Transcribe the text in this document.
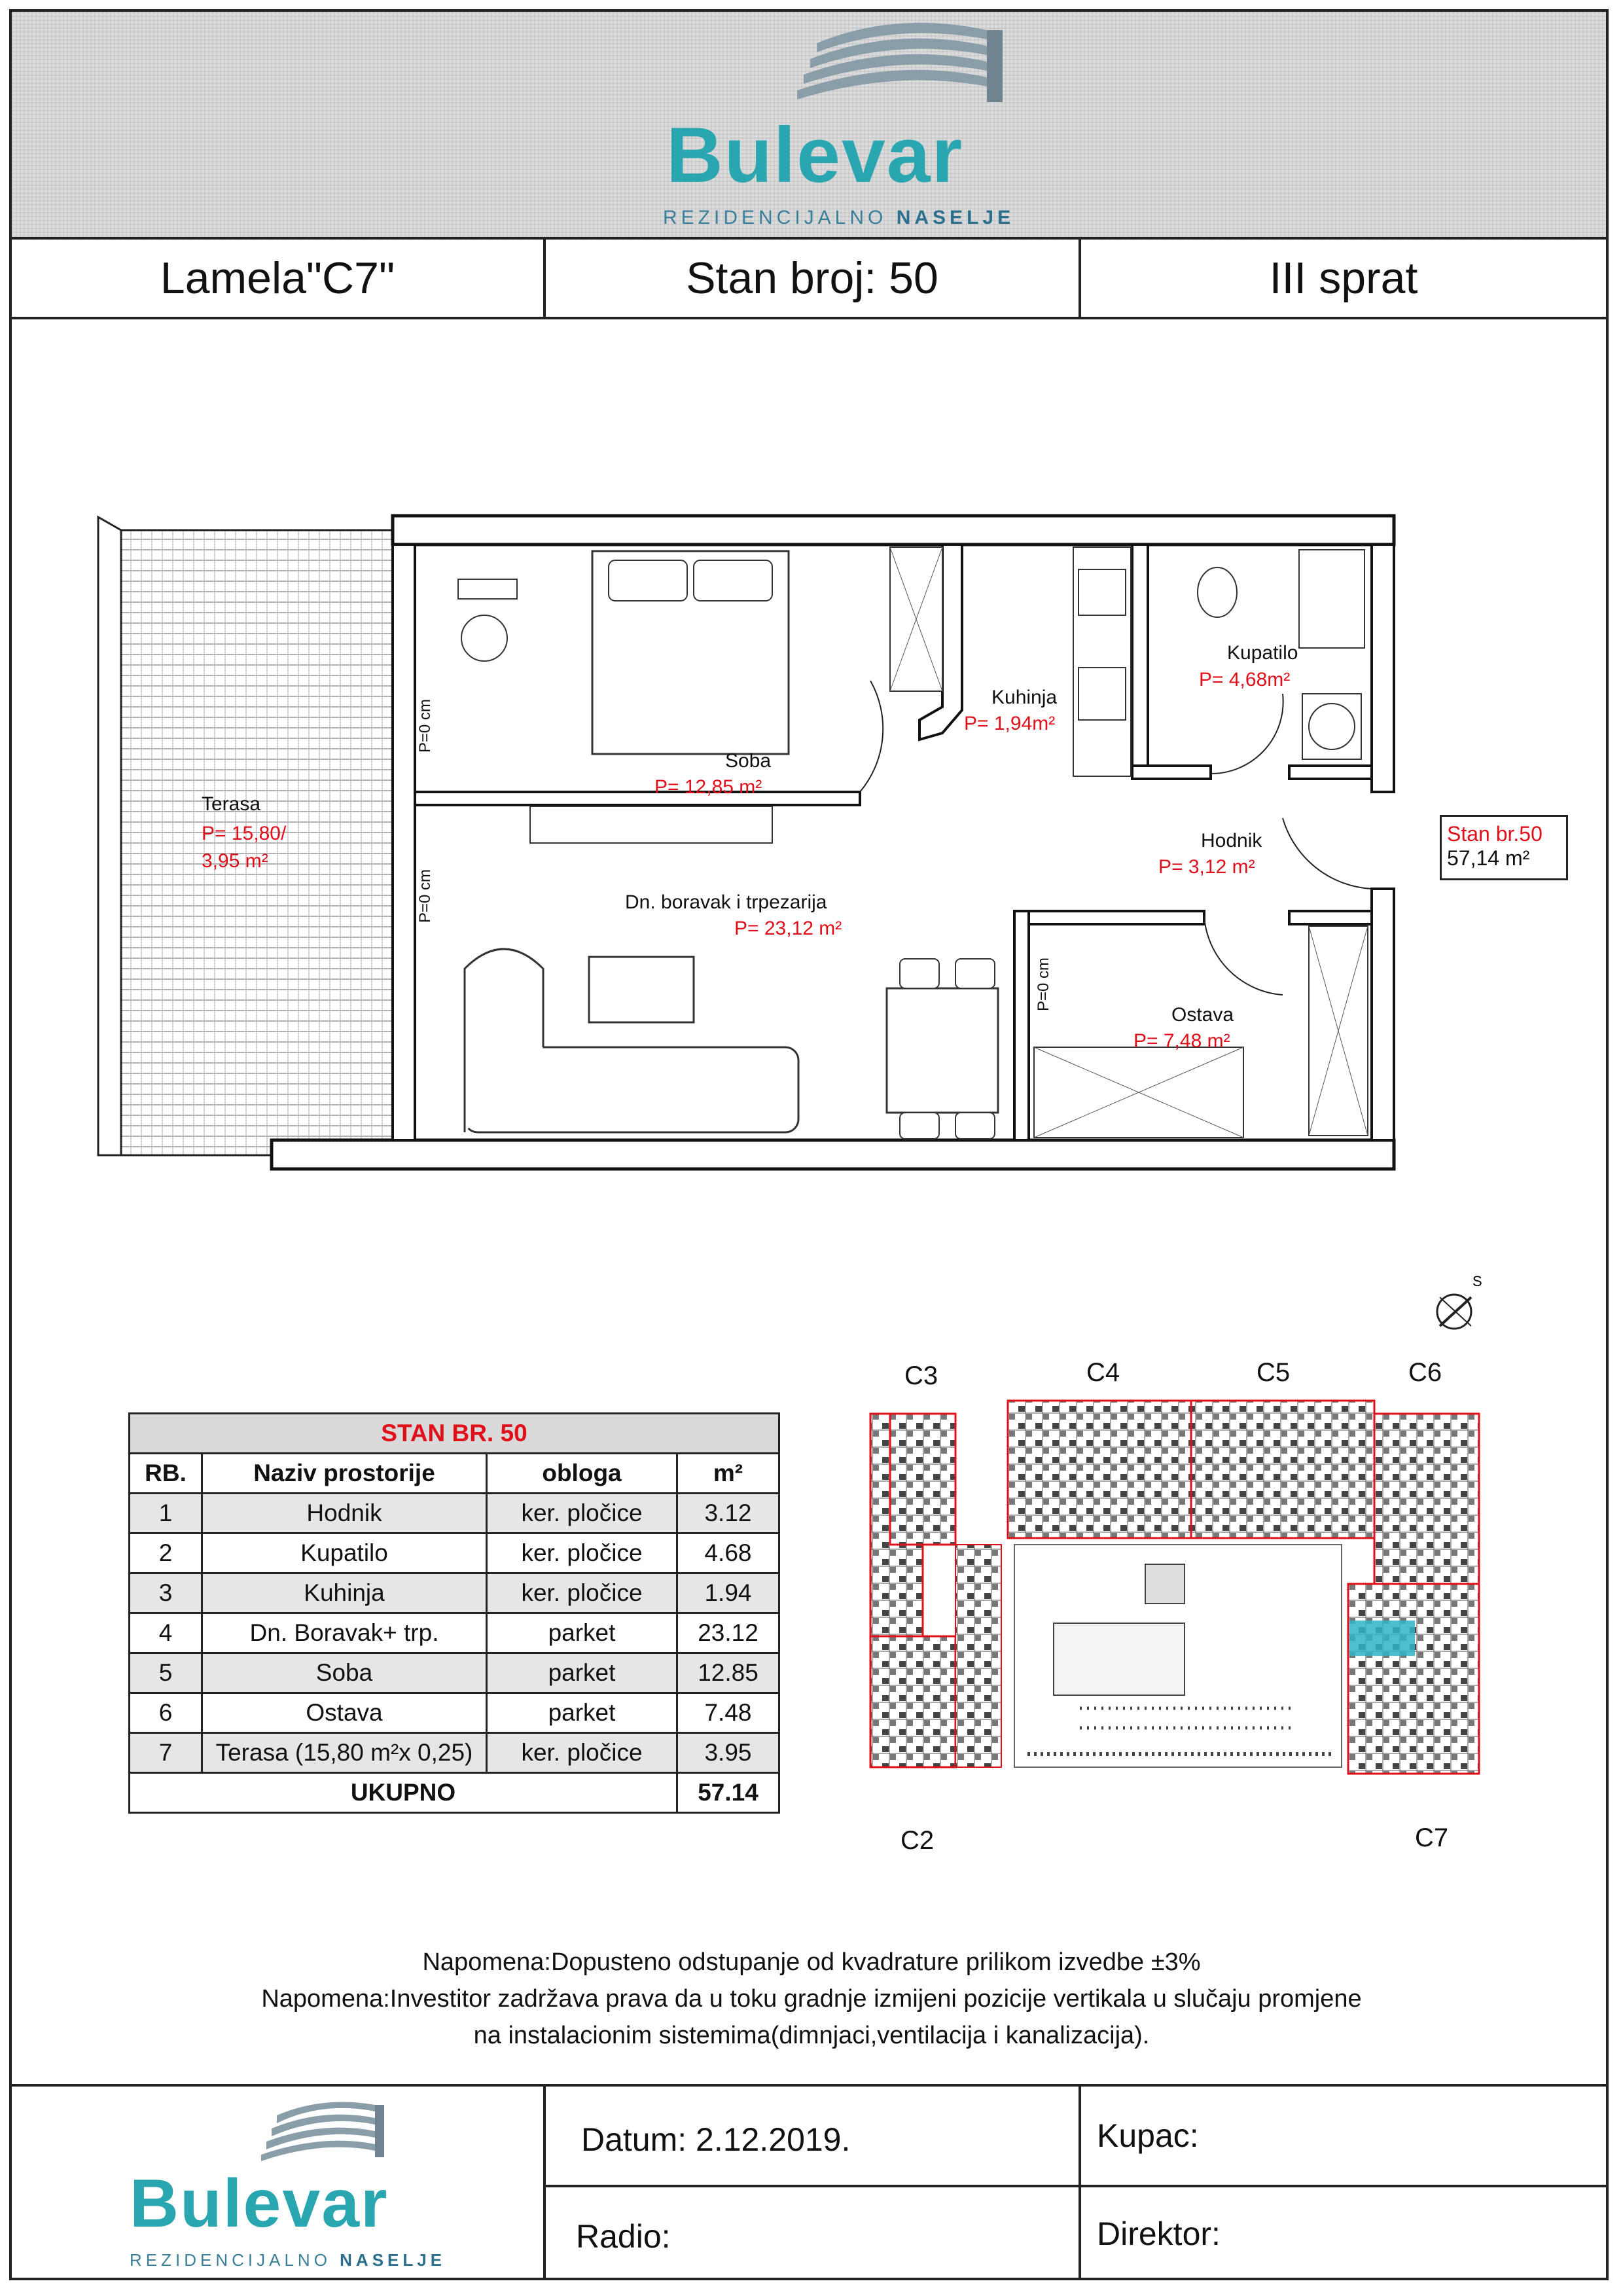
Bulevar
REZIDENCIJALNO NASELJE
Lamela"C7"	Stan broj: 50	III sprat
Terasa
P= 15,80/
3,95 m²
Soba
P= 12,85 m²
Kuhinja
P= 1,94m²
Kupatilo
P= 4,68m²
Hodnik
P= 3,12 m²
Dn. boravak i trpezarija
P= 23,12 m²
Ostava
P= 7,48 m²
P=0 cm
P=0 cm
P=0 cm
S
Stan br.50
57,14 m²
STAN BR. 50			
RB.	Naziv prostorije	obloga	m²
1	Hodnik	ker. pločice	3.12
2	Kupatilo	ker. pločice	4.68
3	Kuhinja	ker. pločice	1.94
4	Dn. Boravak+ trp.	parket	23.12
5	Soba	parket	12.85
6	Ostava	parket	7.48
7	Terasa (15,80 m²x 0,25)	ker. pločice	3.95
UKUPNO			57.14
C3	C4	C5	C6
C2	C7
Napomena:Dopusteno odstupanje od kvadrature prilikom izvedbe ±3%
Napomena:Investitor zadržava prava da u toku gradnje izmijeni pozicije vertikala u slučaju promjene
na instalacionim sistemima(dimnjaci,ventilacija i kanalizacija).
Bulevar
REZIDENCIJALNO NASELJE
Datum: 2.12.2019.	Kupac:
Radio:	Direktor:
